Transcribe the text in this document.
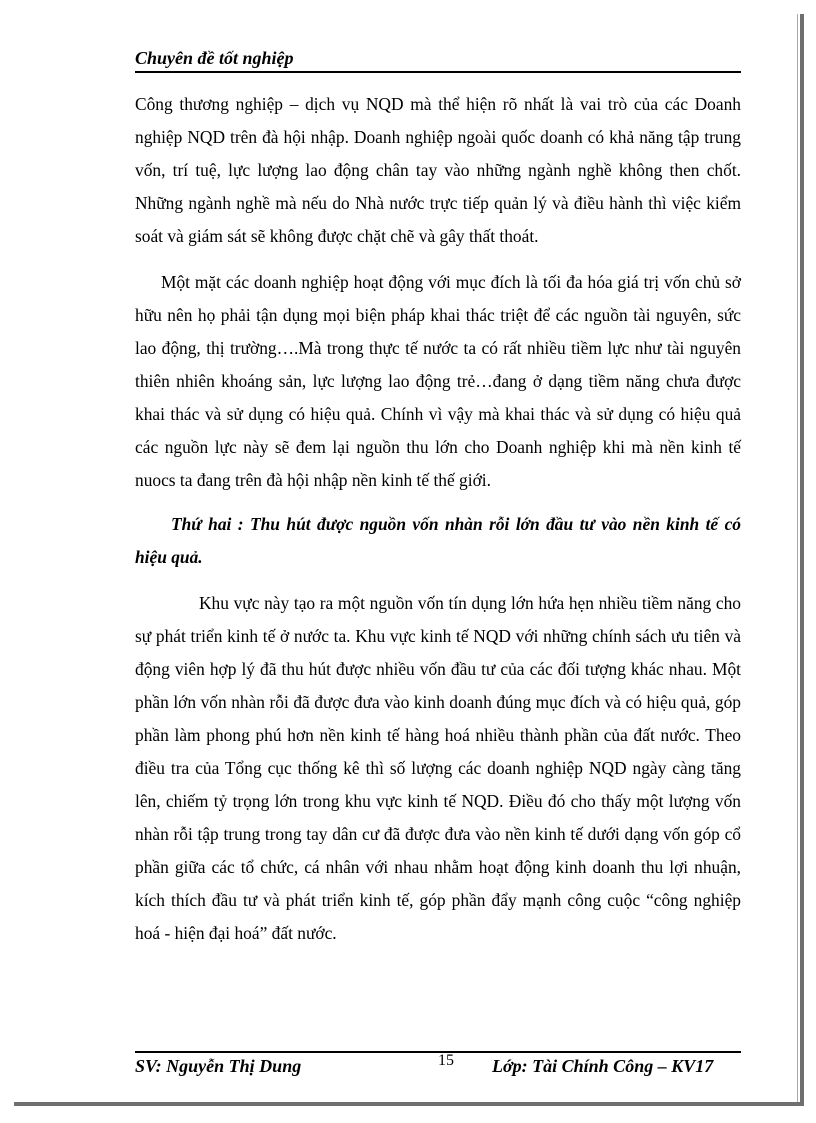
Chuyên đề tốt nghiệp

Công thương nghiệp – dịch vụ NQD mà thể hiện rõ nhất là vai trò của các Doanh nghiệp NQD trên đà hội nhập. Doanh nghiệp ngoài quốc doanh có khả năng tập trung vốn, trí tuệ, lực lượng lao động chân tay vào những ngành nghề không then chốt. Những ngành nghề mà nếu do Nhà nước trực tiếp quản lý và điều hành thì việc kiểm soát và giám sát sẽ không được chặt chẽ và gây thất thoát.

Một mặt các doanh nghiệp hoạt động với mục đích là tối đa hóa giá trị vốn chủ sở hữu nên họ phải tận dụng mọi biện pháp khai thác triệt để các nguồn tài nguyên, sức lao động, thị trường….Mà trong thực tế nước ta có rất nhiều tiềm lực như tài nguyên thiên nhiên khoáng sản, lực lượng lao động trẻ…đang ở dạng tiềm năng chưa được khai thác và sử dụng có hiệu quả. Chính vì vậy mà khai thác và sử dụng có hiệu quả các nguồn lực này sẽ đem lại nguồn thu lớn cho Doanh nghiệp khi mà nền kinh tế nuocs ta đang trên đà hội nhập nền kinh tế thế giới.

Thứ hai : Thu hút được nguồn vốn nhàn rỗi lớn đầu tư vào nền kinh tế có hiệu quả.

Khu vực này tạo ra một nguồn vốn tín dụng lớn hứa hẹn nhiều tiềm năng cho sự phát triển kinh tế ở nước ta. Khu vực kinh tế NQD với những chính sách ưu tiên và động viên hợp lý đã thu hút được nhiều vốn đầu tư của các đối tượng khác nhau. Một phần lớn vốn nhàn rỗi đã được đưa vào kinh doanh đúng mục đích và có hiệu quả, góp phần làm phong phú hơn nền kinh tế hàng hoá nhiều thành phần của đất nước. Theo điều tra của Tổng cục thống kê thì số lượng các doanh nghiệp NQD ngày càng tăng lên, chiếm tỷ trọng lớn trong khu vực kinh tế NQD. Điều đó cho thấy một lượng vốn nhàn rỗi tập trung trong tay dân cư đã được đưa vào nền kinh tế dưới dạng vốn góp cổ phần giữa các tổ chức, cá nhân với nhau nhằm hoạt động kinh doanh thu lợi nhuận, kích thích đầu tư và phát triển kinh tế, góp phần đẩy mạnh công cuộc “công nghiệp hoá - hiện đại hoá” đất nước.

SV: Nguyễn Thị Dung	15 Lớp: Tài Chính Công – KV17
